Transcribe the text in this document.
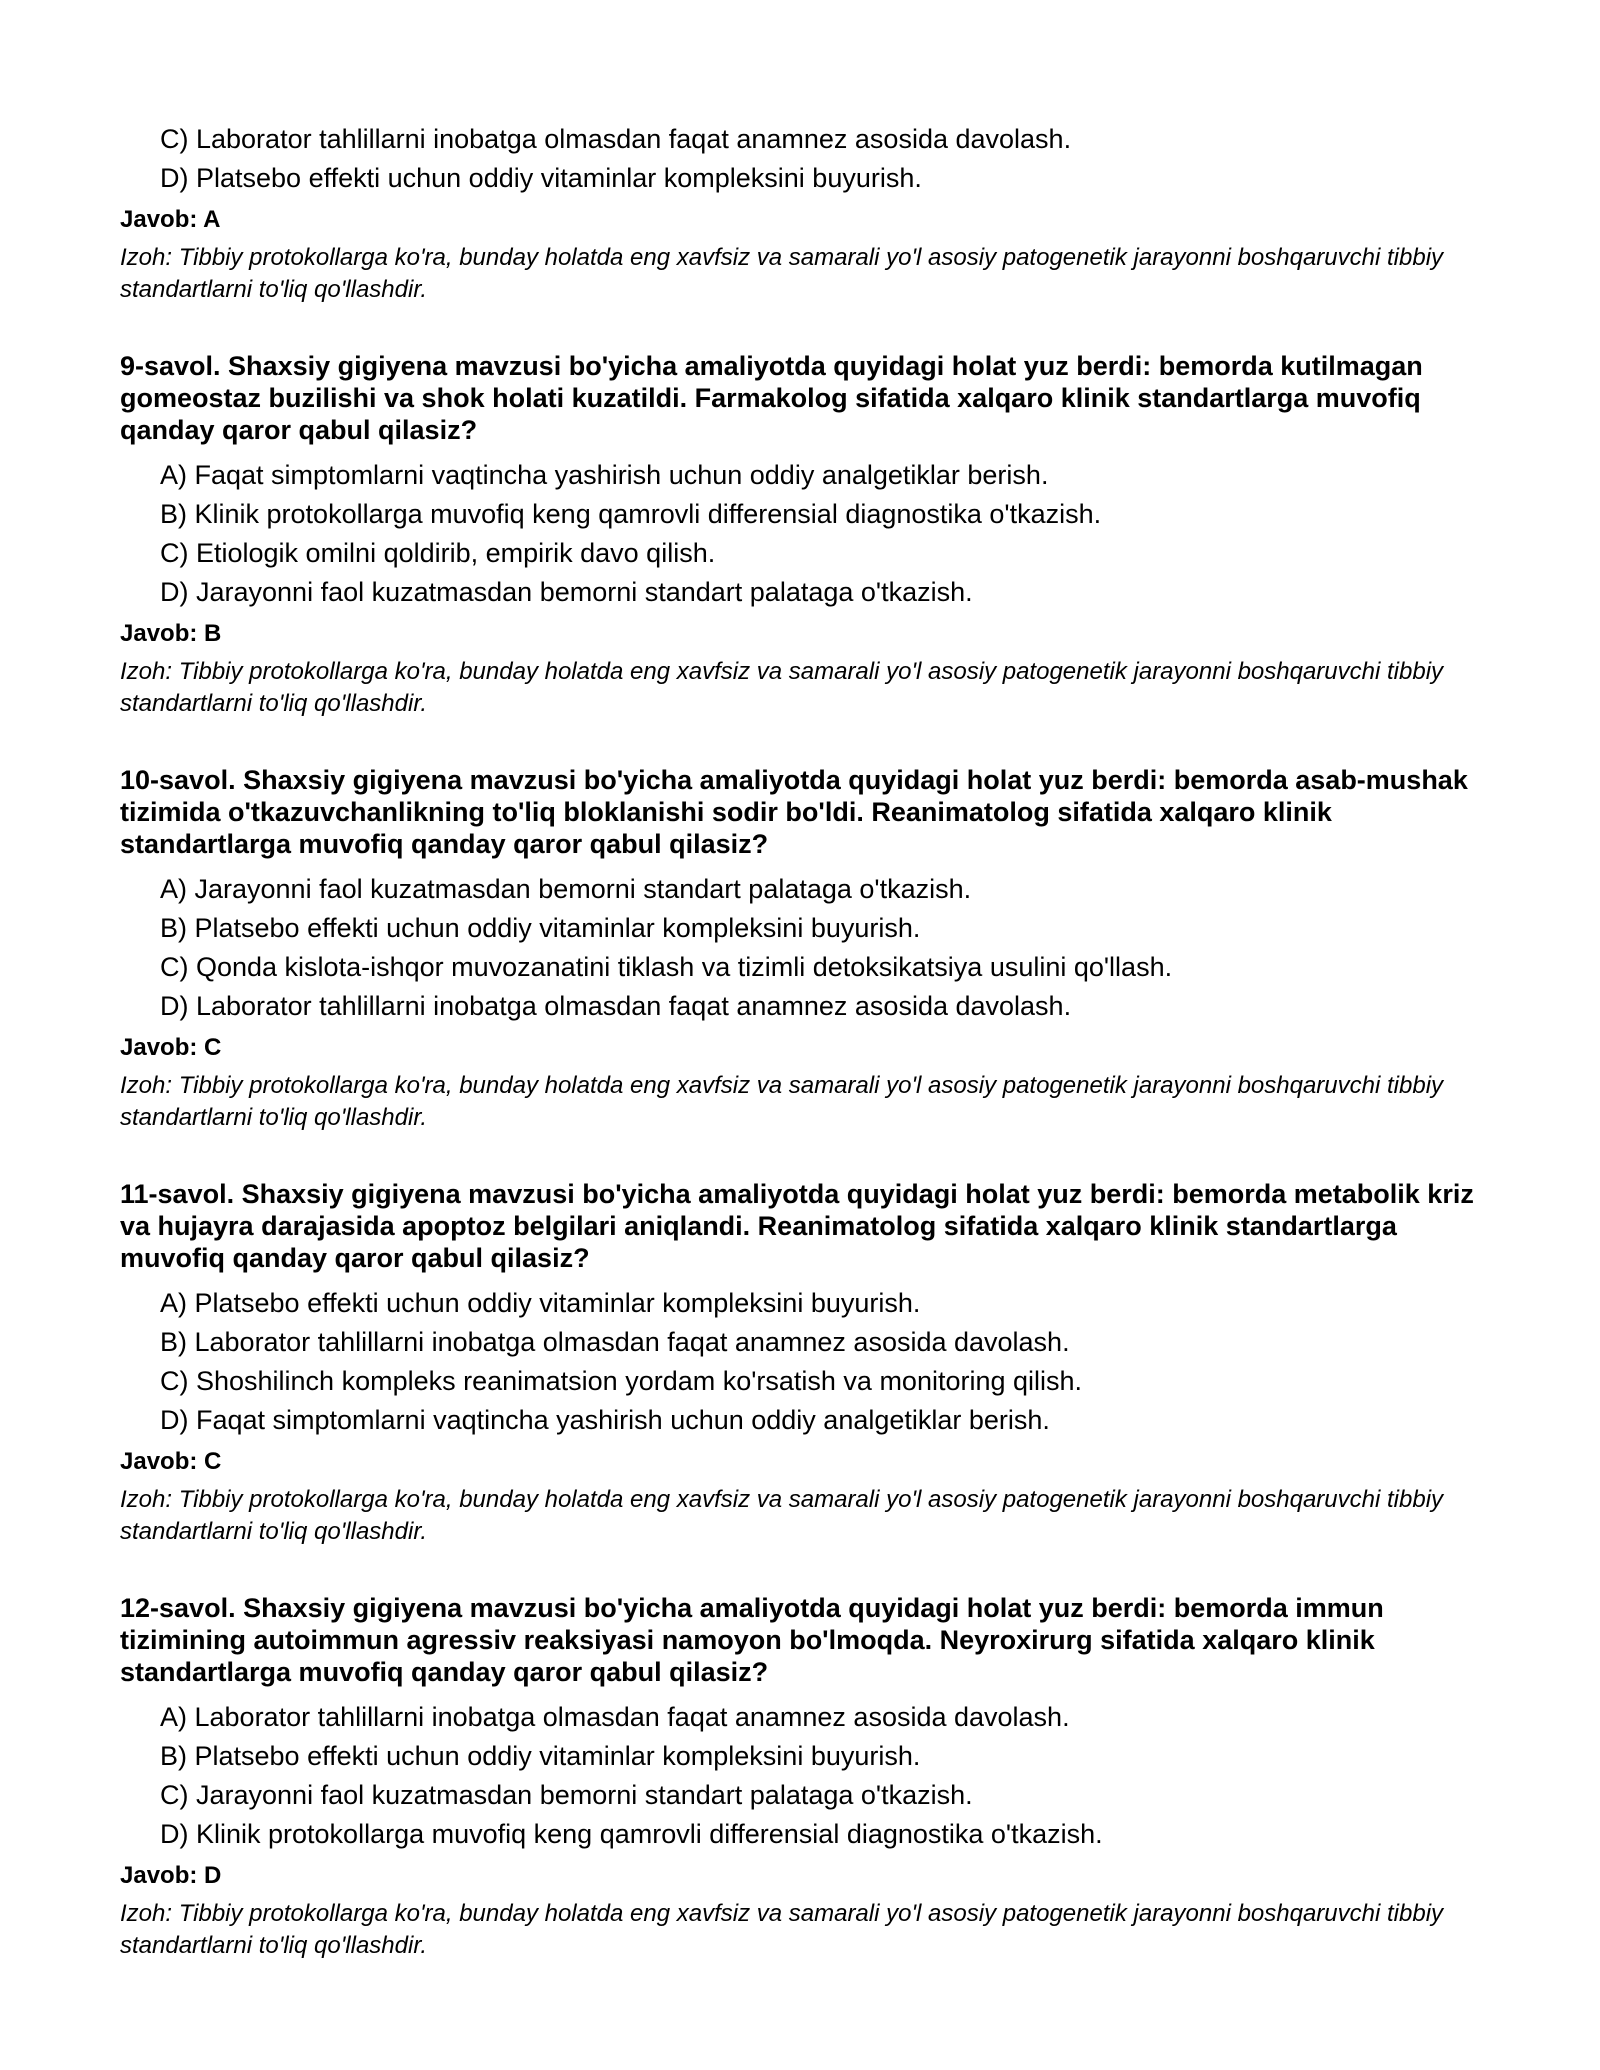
C) Laborator tahlillarni inobatga olmasdan faqat anamnez asosida davolash.
D) Platsebo effekti uchun oddiy vitaminlar kompleksini buyurish.
Javob: A
Izoh: Tibbiy protokollarga ko'ra, bunday holatda eng xavfsiz va samarali yo'l asosiy patogenetik jarayonni boshqaruvchi tibbiy standartlarni to'liq qo'llashdir.
9-savol. Shaxsiy gigiyena mavzusi bo'yicha amaliyotda quyidagi holat yuz berdi: bemorda kutilmagan gomeostaz buzilishi va shok holati kuzatildi. Farmakolog sifatida xalqaro klinik standartlarga muvofiq qanday qaror qabul qilasiz?
A) Faqat simptomlarni vaqtincha yashirish uchun oddiy analgetiklar berish.
B) Klinik protokollarga muvofiq keng qamrovli differensial diagnostika o'tkazish.
C) Etiologik omilni qoldirib, empirik davo qilish.
D) Jarayonni faol kuzatmasdan bemorni standart palataga o'tkazish.
Javob: B
Izoh: Tibbiy protokollarga ko'ra, bunday holatda eng xavfsiz va samarali yo'l asosiy patogenetik jarayonni boshqaruvchi tibbiy standartlarni to'liq qo'llashdir.
10-savol. Shaxsiy gigiyena mavzusi bo'yicha amaliyotda quyidagi holat yuz berdi: bemorda asab-mushak tizimida o'tkazuvchanlikning to'liq bloklanishi sodir bo'ldi. Reanimatolog sifatida xalqaro klinik standartlarga muvofiq qanday qaror qabul qilasiz?
A) Jarayonni faol kuzatmasdan bemorni standart palataga o'tkazish.
B) Platsebo effekti uchun oddiy vitaminlar kompleksini buyurish.
C) Qonda kislota-ishqor muvozanatini tiklash va tizimli detoksikatsiya usulini qo'llash.
D) Laborator tahlillarni inobatga olmasdan faqat anamnez asosida davolash.
Javob: C
Izoh: Tibbiy protokollarga ko'ra, bunday holatda eng xavfsiz va samarali yo'l asosiy patogenetik jarayonni boshqaruvchi tibbiy standartlarni to'liq qo'llashdir.
11-savol. Shaxsiy gigiyena mavzusi bo'yicha amaliyotda quyidagi holat yuz berdi: bemorda metabolik kriz va hujayra darajasida apoptoz belgilari aniqlandi. Reanimatolog sifatida xalqaro klinik standartlarga muvofiq qanday qaror qabul qilasiz?
A) Platsebo effekti uchun oddiy vitaminlar kompleksini buyurish.
B) Laborator tahlillarni inobatga olmasdan faqat anamnez asosida davolash.
C) Shoshilinch kompleks reanimatsion yordam ko'rsatish va monitoring qilish.
D) Faqat simptomlarni vaqtincha yashirish uchun oddiy analgetiklar berish.
Javob: C
Izoh: Tibbiy protokollarga ko'ra, bunday holatda eng xavfsiz va samarali yo'l asosiy patogenetik jarayonni boshqaruvchi tibbiy standartlarni to'liq qo'llashdir.
12-savol. Shaxsiy gigiyena mavzusi bo'yicha amaliyotda quyidagi holat yuz berdi: bemorda immun tizimining autoimmun agressiv reaksiyasi namoyon bo'lmoqda. Neyroxirurg sifatida xalqaro klinik standartlarga muvofiq qanday qaror qabul qilasiz?
A) Laborator tahlillarni inobatga olmasdan faqat anamnez asosida davolash.
B) Platsebo effekti uchun oddiy vitaminlar kompleksini buyurish.
C) Jarayonni faol kuzatmasdan bemorni standart palataga o'tkazish.
D) Klinik protokollarga muvofiq keng qamrovli differensial diagnostika o'tkazish.
Javob: D
Izoh: Tibbiy protokollarga ko'ra, bunday holatda eng xavfsiz va samarali yo'l asosiy patogenetik jarayonni boshqaruvchi tibbiy standartlarni to'liq qo'llashdir.
